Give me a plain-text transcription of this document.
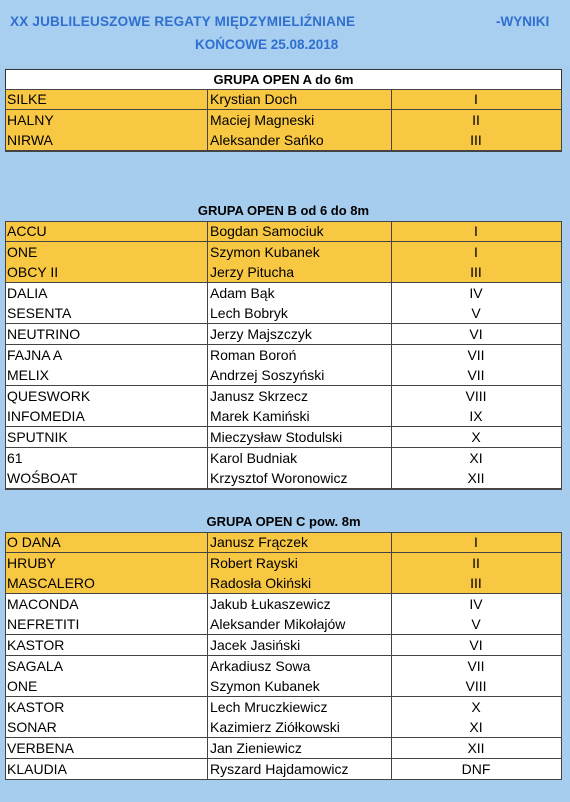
XX JUBLILEUSZOWE REGATY MIĘDZYMIELIŹNIANE
KOŃCOWE 25.08.2018
-WYNIKI
GRUPA OPEN A do 6m
SILKE	Krystian Doch	I
HALNY	Maciej Magneski	II
NIRWA	Aleksander Sańko	III
GRUPA OPEN B od 6 do 8m
ACCU	Bogdan Samociuk	I
ONE	Szymon Kubanek	I
OBCY II	Jerzy Pitucha	III
DALIA	Adam Bąk	IV
SESENTA	Lech Bobryk	V
NEUTRINO	Jerzy Majszczyk	VI
FAJNA A	Roman Boroń	VII
MELIX	Andrzej Soszyński	VII
QUESWORK	Janusz Skrzecz	VIII
INFOMEDIA	Marek Kamiński	IX
SPUTNIK	Mieczysław Stodulski	X
61	Karol Budniak	XI
WOŚBOAT	Krzysztof Woronowicz	XII
GRUPA OPEN C pow. 8m
O DANA	Janusz Frączek	I
HRUBY	Robert Rayski	II
MASCALERO	Radosła Okiński	III
MACONDA	Jakub Łukaszewicz	IV
NEFRETITI	Aleksander Mikołajów	V
KASTOR	Jacek Jasiński	VI
SAGALA	Arkadiusz Sowa	VII
ONE	Szymon Kubanek	VIII
KASTOR	Lech Mruczkiewicz	X
SONAR	Kazimierz Ziółkowski	XI
VERBENA	Jan Zieniewicz	XII
KLAUDIA	Ryszard Hajdamowicz	DNF
